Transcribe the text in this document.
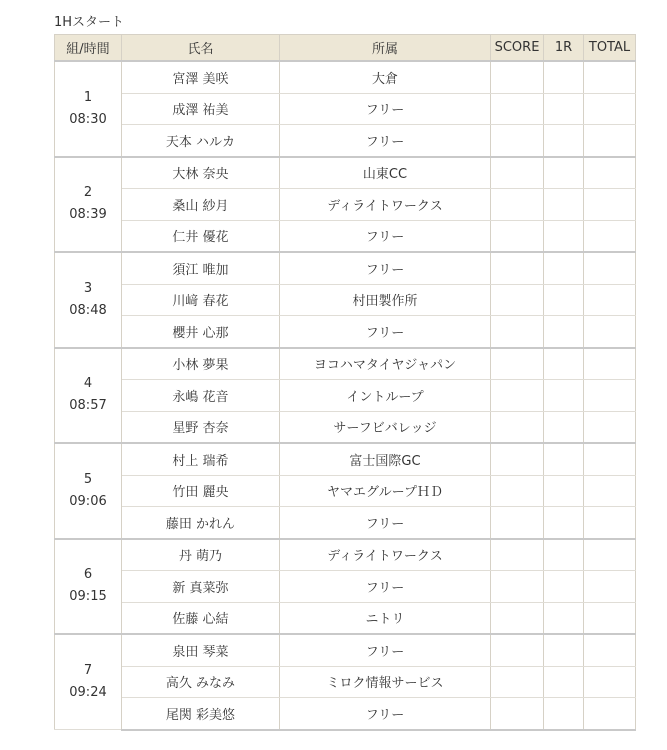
1Hスタート
組/時間	氏名	所属	SCORE	1R	TOTAL

1
08:30	宮澤 美咲	大倉			
	成澤 祐美	フリー			
	天本 ハルカ	フリー			

2
08:39	大林 奈央	山東CC			
	桑山 紗月	ディライトワークス			
	仁井 優花	フリー			

3
08:48	須江 唯加	フリー			
	川﨑 春花	村田製作所			
	櫻井 心那	フリー			

4
08:57	小林 夢果	ヨコハマタイヤジャパン			
	永嶋 花音	イントループ			
	星野 杏奈	サーフビバレッジ			

5
09:06	村上 瑞希	富士国際GC			
	竹田 麗央	ヤマエグループＨＤ			
	藤田 かれん	フリー			

6
09:15	丹 萌乃	ディライトワークス			
	新 真菜弥	フリー			
	佐藤 心結	ニトリ			

7
09:24	泉田 琴菜	フリー			
	高久 みなみ	ミロク情報サービス			
	尾関 彩美悠	フリー			
